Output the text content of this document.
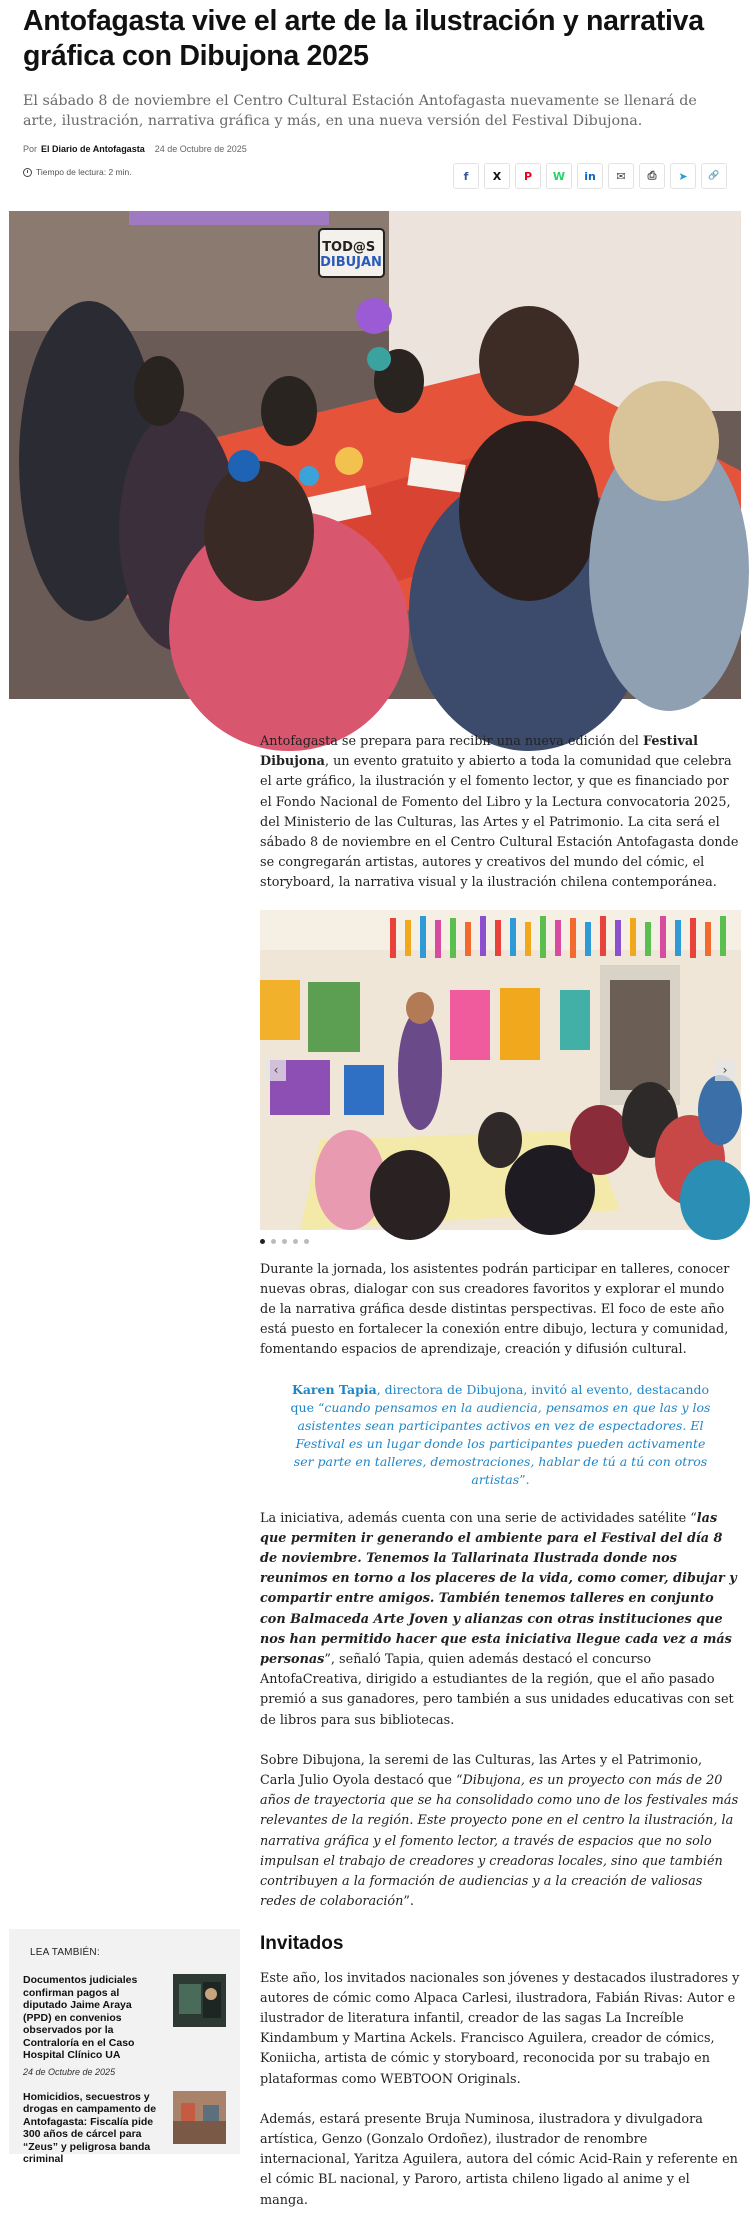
Antofagasta vive el arte de la ilustración y narrativa gráfica con Dibujona 2025

El sábado 8 de noviembre el Centro Cultural Estación Antofagasta nuevamente se llenará de arte, ilustración, narrativa gráfica y más, en una nueva versión del Festival Dibujona.

Por El Diario de Antofagasta 24 de Octubre de 2025
Tiempo de lectura: 2 min.	f	X	P	W	in	✉	⎙	➤	🔗
TOD@S DIBUJAN

Antofagasta se prepara para recibir una nueva edición del Festival Dibujona, un evento gratuito y abierto a toda la comunidad que celebra el arte gráfico, la ilustración y el fomento lector, y que es financiado por el Fondo Nacional de Fomento del Libro y la Lectura convocatoria 2025, del Ministerio de las Culturas, las Artes y el Patrimonio. La cita será el sábado 8 de noviembre en el Centro Cultural Estación Antofagasta donde se congregarán artistas, autores y creativos del mundo del cómic, el storyboard, la narrativa visual y la ilustración chilena contemporánea.

‹	›

Durante la jornada, los asistentes podrán participar en talleres, conocer nuevas obras, dialogar con sus creadores favoritos y explorar el mundo de la narrativa gráfica desde distintas perspectivas. El foco de este año está puesto en fortalecer la conexión entre dibujo, lectura y comunidad, fomentando espacios de aprendizaje, creación y difusión cultural.

Karen Tapia, directora de Dibujona, invitó al evento, destacando que “cuando pensamos en la audiencia, pensamos en que las y los asistentes sean participantes activos en vez de espectadores. El Festival es un lugar donde los participantes pueden activamente ser parte en talleres, demostraciones, hablar de tú a tú con otros artistas”.

La iniciativa, además cuenta con una serie de actividades satélite “las que permiten ir generando el ambiente para el Festival del día 8 de noviembre. Tenemos la Tallarinata Ilustrada donde nos reunimos en torno a los placeres de la vida, como comer, dibujar y compartir entre amigos. También tenemos talleres en conjunto con Balmaceda Arte Joven y alianzas con otras instituciones que nos han permitido hacer que esta iniciativa llegue cada vez a más personas”, señaló Tapia, quien además destacó el concurso AntofaCreativa, dirigido a estudiantes de la región, que el año pasado premió a sus ganadores, pero también a sus unidades educativas con set de libros para sus bibliotecas.

Sobre Dibujona, la seremi de las Culturas, las Artes y el Patrimonio, Carla Julio Oyola destacó que “Dibujona, es un proyecto con más de 20 años de trayectoria que se ha consolidado como uno de los festivales más relevantes de la región. Este proyecto pone en el centro la ilustración, la narrativa gráfica y el fomento lector, a través de espacios que no solo impulsan el trabajo de creadores y creadoras locales, sino que también contribuyen a la formación de audiencias y a la creación de valiosas redes de colaboración”.

Invitados

Este año, los invitados nacionales son jóvenes y destacados ilustradores y autores de cómic como Alpaca Carlesi, ilustradora, Fabián Rivas: Autor e ilustrador de literatura infantil, creador de las sagas La Increíble Kindambum y Martina Ackels. Francisco Aguilera, creador de cómics, Koniicha, artista de cómic y storyboard, reconocida por su trabajo en plataformas como WEBTOON Originals.

Además, estará presente Bruja Numinosa, ilustradora y divulgadora artística, Genzo (Gonzalo Ordoñez), ilustrador de renombre internacional, Yaritza Aguilera, autora del cómic Acid-Rain y referente en el cómic BL nacional, y Paroro, artista chileno ligado al anime y el manga.

LEA TAMBIÉN:
Documentos judiciales confirman pagos al diputado Jaime Araya (PPD) en convenios observados por la Contraloría en el Caso Hospital Clínico UA
24 de Octubre de 2025
Homicidios, secuestros y drogas en campamento de Antofagasta: Fiscalía pide 300 años de cárcel para “Zeus” y peligrosa banda criminal
